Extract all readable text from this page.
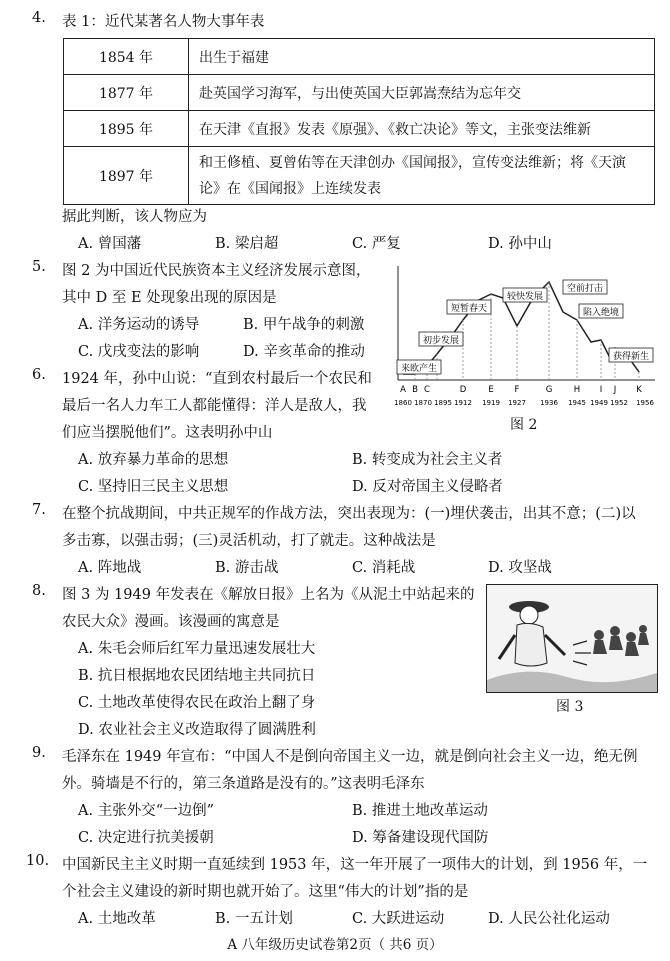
4. 表 1：近代某著名人物大事年表
1854 年	出生于福建
1877 年	赴英国学习海军，与出使英国大臣郭嵩焘结为忘年交
1895 年	在天津《直报》发表《原强》、《救亡决论》等文，主张变法维新
1897 年	和王修植、夏曾佑等在天津创办《国闻报》，宣传变法维新；将《天演
论》在《国闻报》上连续发表
据此判断，该人物应为
A. 曾国藩	B. 梁启超	C. 严复	D. 孙中山
5. 图 2 为中国近代民族资本主义经济发展示意图，
其中 D 至 E 处现象出现的原因是
A. 洋务运动的诱导	B. 甲午战争的刺激
C. 戊戌变法的影响	D. 辛亥革命的推动
来欧产生
初步发展
短暂春天
较快发展
空前打击
陷入绝境
获得新生
A B C	D	E F	G	H I J K
1860 1870 1895 1912 1919 1927 1936 1945 1949 1952 1956
图 2
6. 1924 年，孙中山说：“直到农村最后一个农民和
最后一名人力车工人都能懂得：洋人是敌人，我
们应当摆脱他们”。这表明孙中山
A. 放弃暴力革命的思想	B. 转变成为社会主义者
C. 坚持旧三民主义思想	D. 反对帝国主义侵略者
7. 在整个抗战期间，中共正规军的作战方法，突出表现为：(一)埋伏袭击，出其不意；(二)以
多击寡，以强击弱；(三)灵活机动，打了就走。这种战法是
A. 阵地战	B. 游击战	C. 消耗战	D. 攻坚战
8. 图 3 为 1949 年发表在《解放日报》上名为《从泥土中站起来的
农民大众》漫画。该漫画的寓意是
A. 朱毛会师后红军力量迅速发展壮大
B. 抗日根据地农民团结地主共同抗日
C. 土地改革使得农民在政治上翻了身
D. 农业社会主义改造取得了圆满胜利
图 3
9. 毛泽东在 1949 年宣布：“中国人不是倒向帝国主义一边，就是倒向社会主义一边，绝无例
外。骑墙是不行的，第三条道路是没有的。”这表明毛泽东
A. 主张外交“一边倒”	B. 推进土地改革运动
C. 决定进行抗美援朝	D. 筹备建设现代国防
10. 中国新民主主义时期一直延续到 1953 年，这一年开展了一项伟大的计划，到 1956 年，一
个社会主义建设的新时期也就开始了。这里“伟大的计划”指的是
A. 土地改革	B. 一五计划	C. 大跃进运动	D. 人民公社化运动
A 八年级历史试卷第2页（ 共6 页）
